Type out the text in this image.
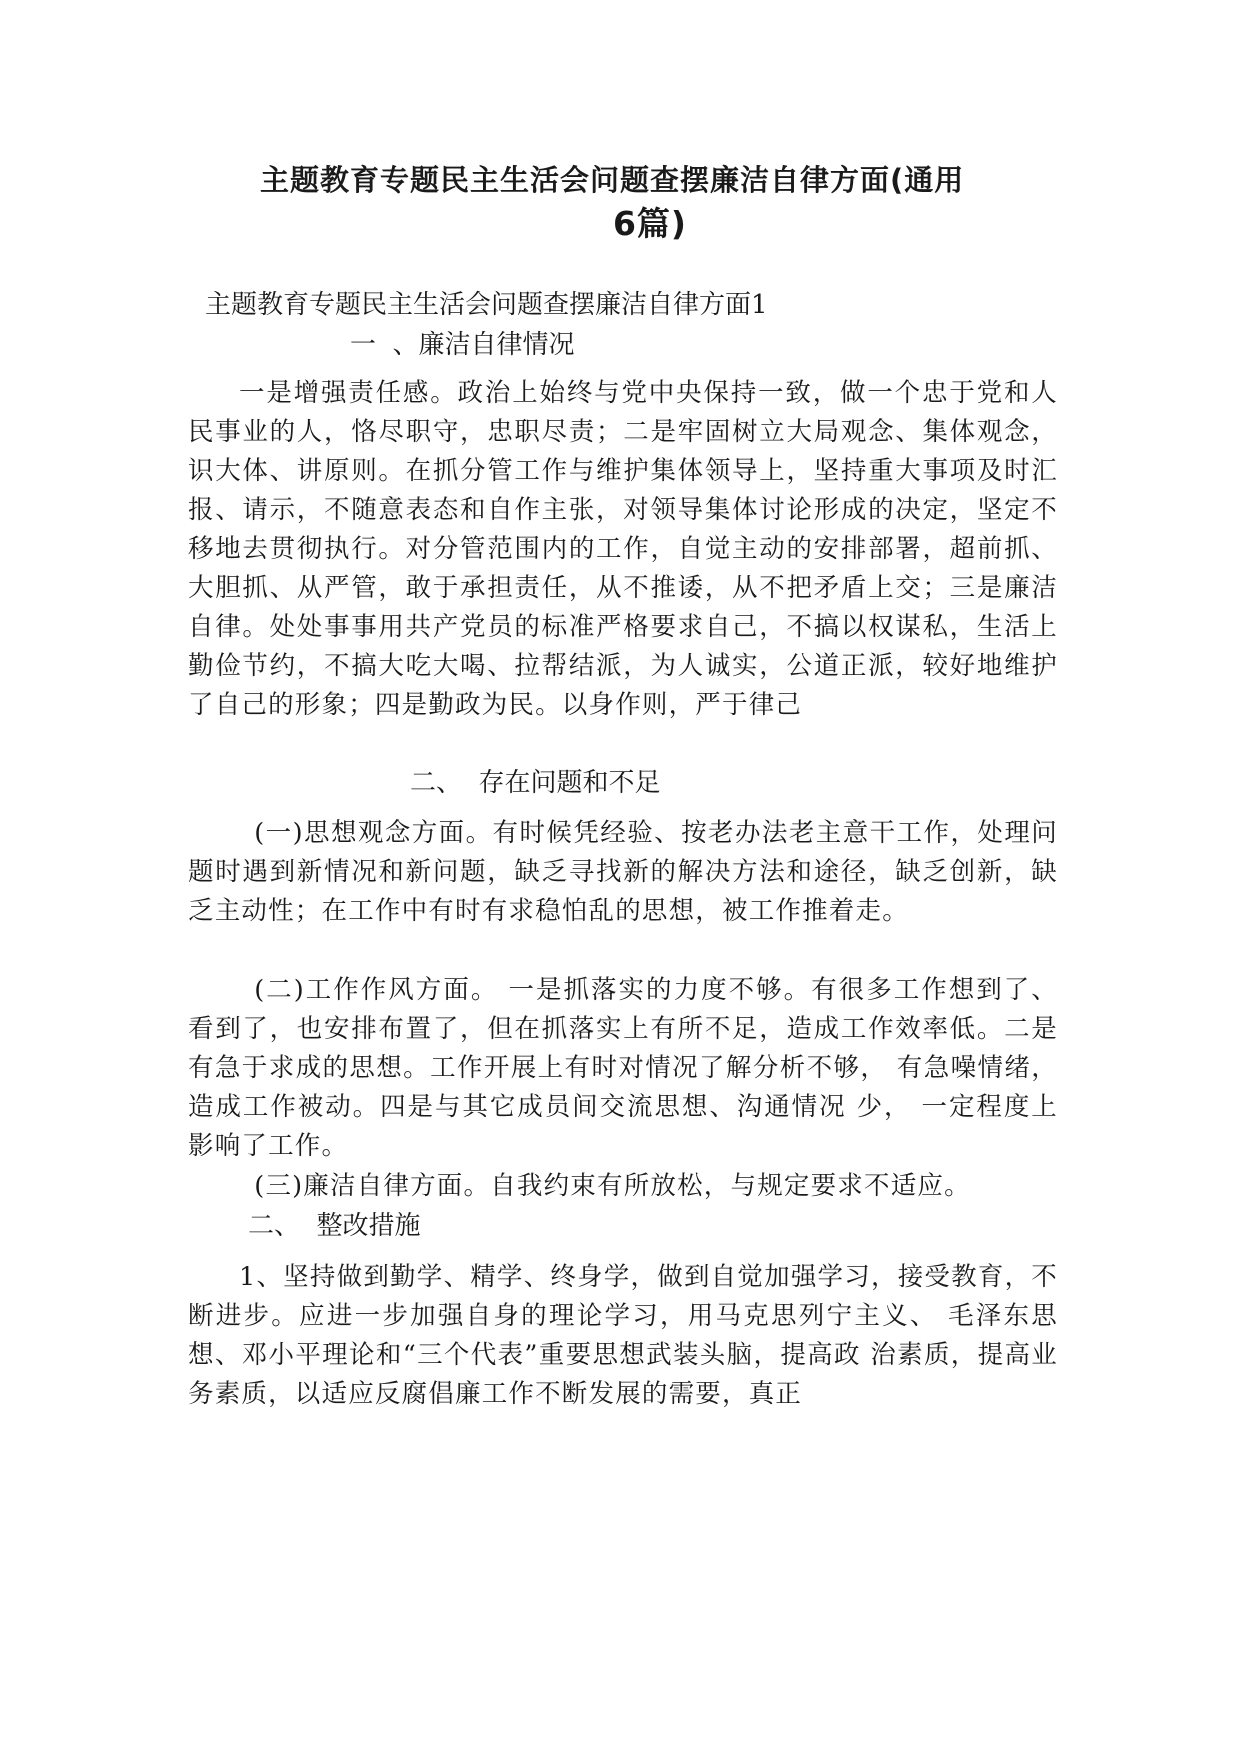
主题教育专题民主生活会问题查摆廉洁自律方面(通用
6篇)

主题教育专题民主生活会问题查摆廉洁自律方面1

一  、廉洁自律情况

一是增强责任感。政治上始终与党中央保持一致，做一个忠于党和人民事业的人，恪尽职守，忠职尽责；二是牢固树立大局观念、集体观念，识大体、讲原则。在抓分管工作与维护集体领导上，坚持重大事项及时汇报、请示，不随意表态和自作主张，对领导集体讨论形成的决定，坚定不移地去贯彻执行。对分管范围内的工作，自觉主动的安排部署，超前抓、大胆抓、从严管，敢于承担责任，从不推诿，从不把矛盾上交；三是廉洁自律。处处事事用共产党员的标准严格要求自己，不搞以权谋私，生活上勤俭节约，不搞大吃大喝、拉帮结派，为人诚实，公道正派，较好地维护了自己的形象；四是勤政为民。以身作则，严于律己

二、  存在问题和不足

(一)思想观念方面。有时候凭经验、按老办法老主意干工作，处理问题时遇到新情况和新问题，缺乏寻找新的解决方法和途径，缺乏创新，缺乏主动性；在工作中有时有求稳怕乱的思想，被工作推着走。

(二)工作作风方面。 一是抓落实的力度不够。有很多工作想到了、看到了，也安排布置了，但在抓落实上有所不足，造成工作效率低。二是有急于求成的思想。工作开展上有时对情况了解分析不够， 有急噪情绪，造成工作被动。四是与其它成员间交流思想、沟通情况 少， 一定程度上影响了工作。

(三)廉洁自律方面。自我约束有所放松，与规定要求不适应。

二、  整改措施

1、坚持做到勤学、精学、终身学，做到自觉加强学习，接受教育，不断进步。应进一步加强自身的理论学习，用马克思列宁主义、 毛泽东思想、邓小平理论和“三个代表”重要思想武装头脑，提高政 治素质，提高业务素质，以适应反腐倡廉工作不断发展的需要，真正
